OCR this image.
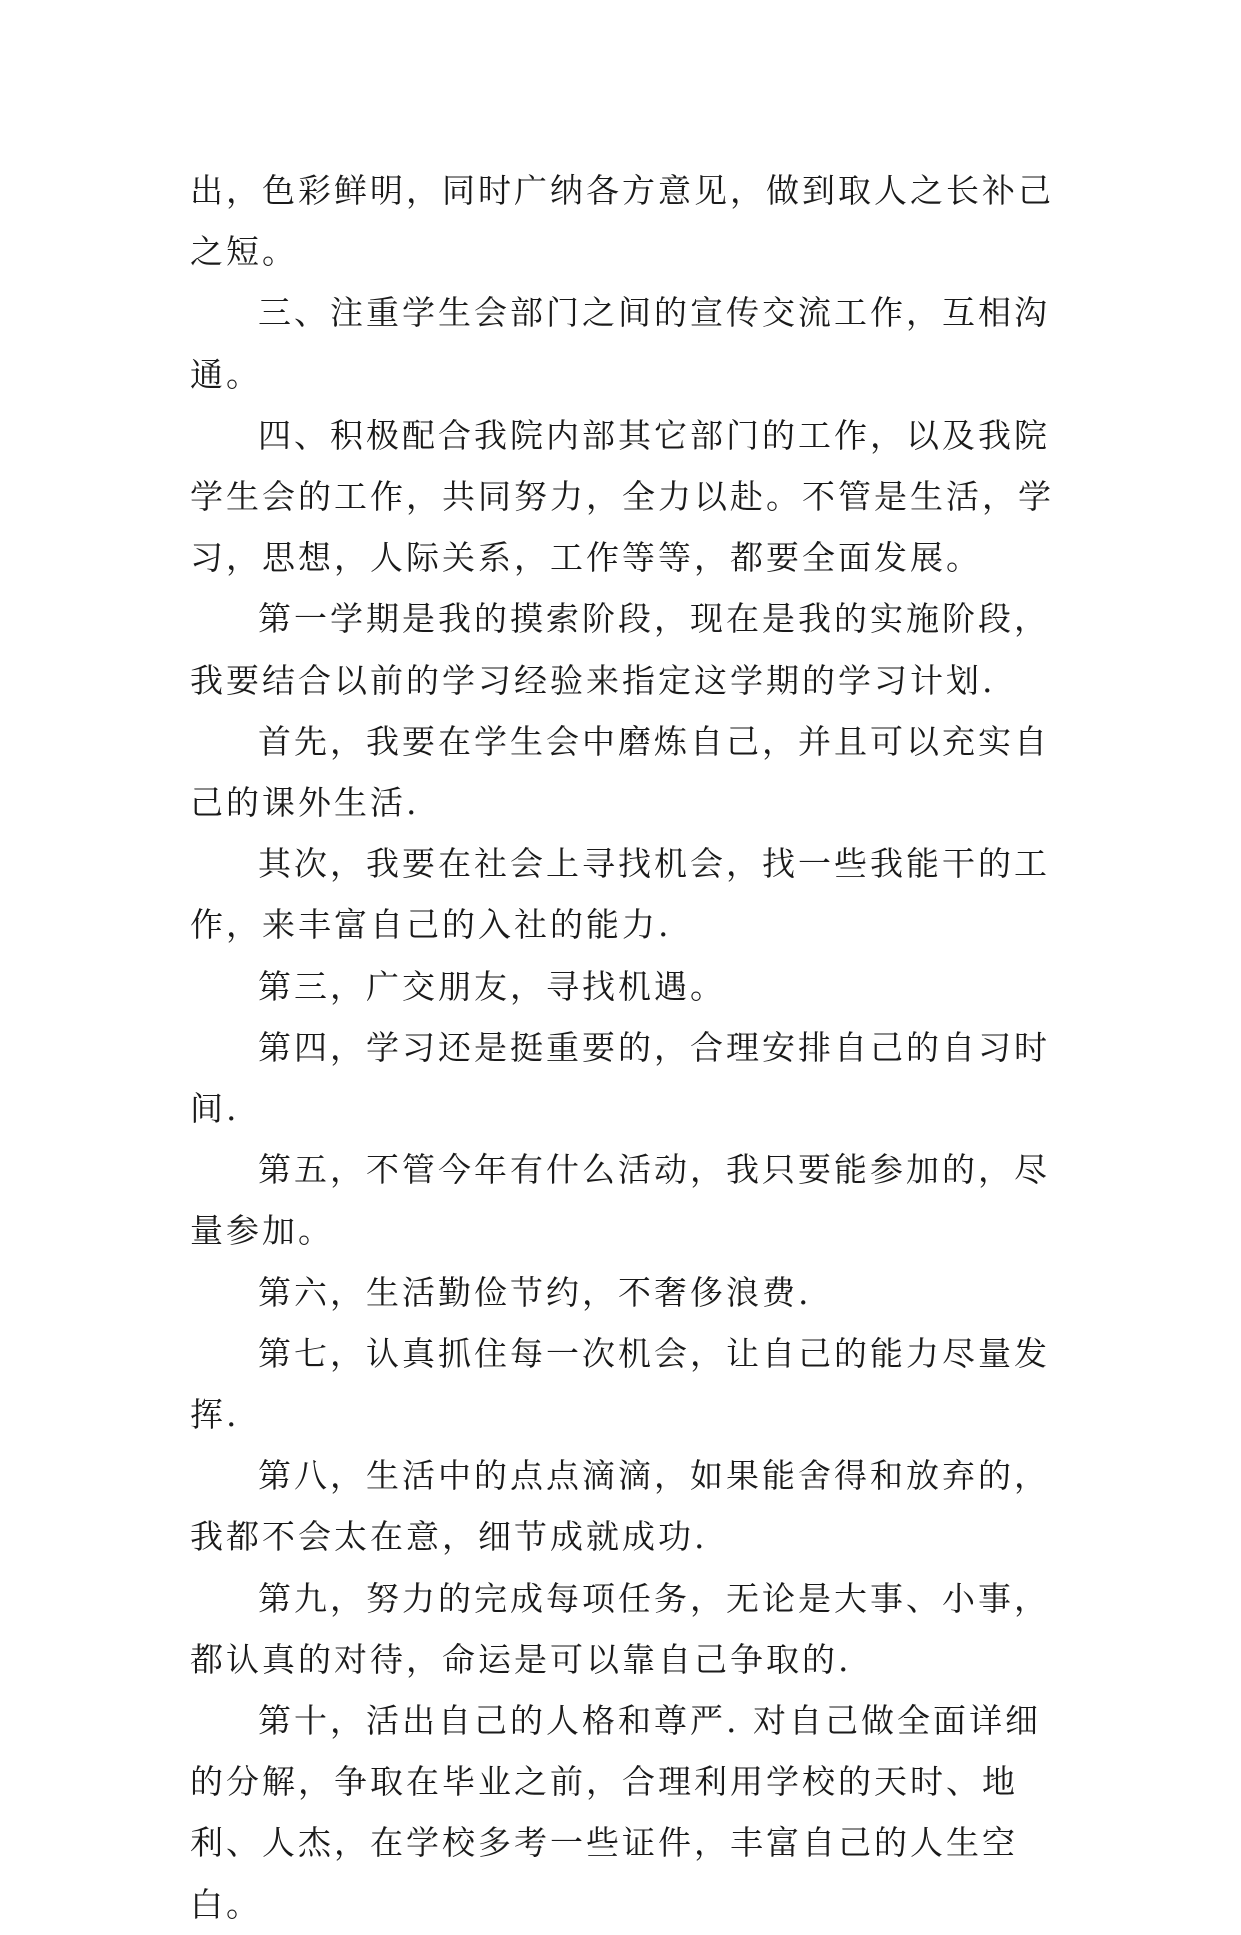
出，色彩鲜明，同时广纳各方意见，做到取人之长补己之短。

三、注重学生会部门之间的宣传交流工作，互相沟通。

四、积极配合我院内部其它部门的工作，以及我院学生会的工作，共同努力，全力以赴。不管是生活，学习，思想，人际关系，工作等等，都要全面发展。

第一学期是我的摸索阶段，现在是我的实施阶段，我要结合以前的学习经验来指定这学期的学习计划.

首先，我要在学生会中磨炼自己，并且可以充实自己的课外生活.

其次，我要在社会上寻找机会，找一些我能干的工作，来丰富自己的入社的能力.

第三，广交朋友，寻找机遇。

第四，学习还是挺重要的，合理安排自己的自习时间.

第五，不管今年有什么活动，我只要能参加的，尽量参加。

第六，生活勤俭节约，不奢侈浪费.

第七，认真抓住每一次机会，让自己的能力尽量发挥.

第八，生活中的点点滴滴，如果能舍得和放弃的，我都不会太在意，细节成就成功.

第九，努力的完成每项任务，无论是大事、小事，都认真的对待，命运是可以靠自己争取的.

第十，活出自己的人格和尊严. 对自己做全面详细的分解，争取在毕业之前，合理利用学校的天时、地利、人杰，在学校多考一些证件，丰富自己的人生空白。
